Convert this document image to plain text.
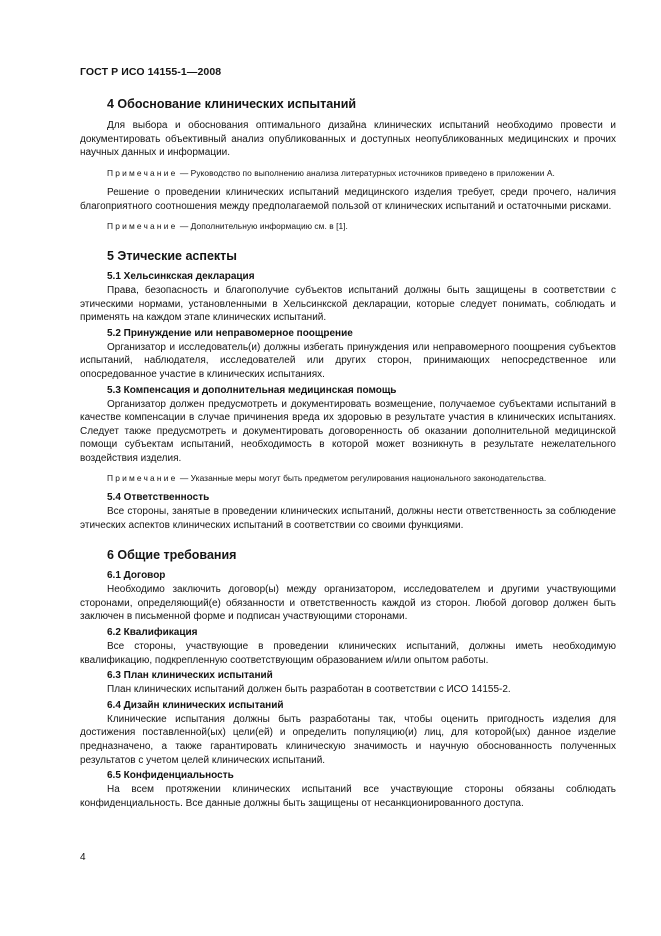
ГОСТ Р ИСО 14155-1—2008
4 Обоснование клинических испытаний

Для выбора и обоснования оптимального дизайна клинических испытаний необходимо провести и документировать объективный анализ опубликованных и доступных неопубликованных медицинских и прочих научных данных и информации.

Примечание — Руководство по выполнению анализа литературных источников приведено в приложении А.

Решение о проведении клинических испытаний медицинского изделия требует, среди прочего, наличия благоприятного соотношения между предполагаемой пользой от клинических испытаний и остаточными рисками.

Примечание — Дополнительную информацию см. в [1].

5 Этические аспекты
5.1 Хельсинкская декларация

Права, безопасность и благополучие субъектов испытаний должны быть защищены в соответствии с этическими нормами, установленными в Хельсинкской декларации, которые следует понимать, соблюдать и применять на каждом этапе клинических испытаний.

5.2 Принуждение или неправомерное поощрение

Организатор и исследователь(и) должны избегать принуждения или неправомерного поощрения субъектов испытаний, наблюдателя, исследователей или других сторон, принимающих непосредственное или опосредованное участие в клинических испытаниях.

5.3 Компенсация и дополнительная медицинская помощь

Организатор должен предусмотреть и документировать возмещение, получаемое субъектами испытаний в качестве компенсации в случае причинения вреда их здоровью в результате участия в клинических испытаниях. Следует также предусмотреть и документировать договоренность об оказании дополнительной медицинской помощи субъектам испытаний, необходимость в которой может возникнуть в результате нежелательного воздействия изделия.

Примечание — Указанные меры могут быть предметом регулирования национального законодательства.

5.4 Ответственность

Все стороны, занятые в проведении клинических испытаний, должны нести ответственность за соблюдение этических аспектов клинических испытаний в соответствии со своими функциями.

6 Общие требования
6.1 Договор

Необходимо заключить договор(ы) между организатором, исследователем и другими участвующими сторонами, определяющий(е) обязанности и ответственность каждой из сторон. Любой договор должен быть заключен в письменной форме и подписан участвующими сторонами.

6.2 Квалификация

Все стороны, участвующие в проведении клинических испытаний, должны иметь необходимую квалификацию, подкрепленную соответствующим образованием и/или опытом работы.

6.3 План клинических испытаний

План клинических испытаний должен быть разработан в соответствии с ИСО 14155-2.

6.4 Дизайн клинических испытаний

Клинические испытания должны быть разработаны так, чтобы оценить пригодность изделия для достижения поставленной(ых) цели(ей) и определить популяцию(и) лиц, для которой(ых) данное изделие предназначено, а также гарантировать клиническую значимость и научную обоснованность полученных результатов с учетом целей клинических испытаний.

6.5 Конфиденциальность

На всем протяжении клинических испытаний все участвующие стороны обязаны соблюдать конфиденциальность. Все данные должны быть защищены от несанкционированного доступа.

4
